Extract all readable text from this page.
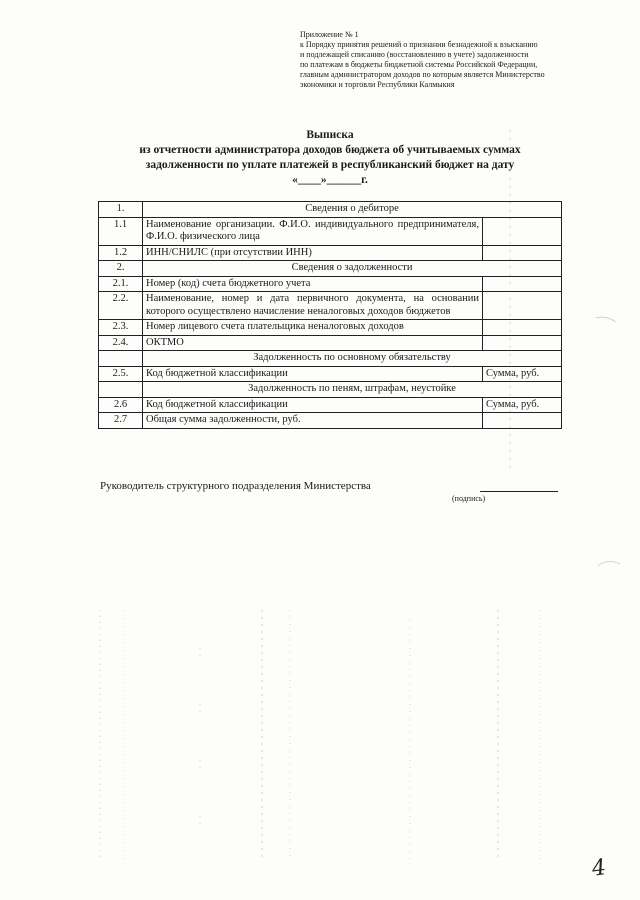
Приложение № 1
к Порядку принятия решений о признании безнадежной к взысканию
и подлежащей списанию (восстановлению в учете) задолженности
по платежам в бюджеты бюджетной системы Российской Федерации,
главным администратором доходов по которым является Министерство
экономики и торговли Республики Калмыкия
Выписка
из отчетности администратора доходов бюджета об учитываемых суммах
задолженности по уплате платежей в республиканский бюджет на дату
«____»______г.
1.	Сведения о дебиторе	
1.1	Наименование организации. Ф.И.О. индивидуального предпринимателя, Ф.И.О. физического лица	
1.2	ИНН/СНИЛС (при отсутствии ИНН)	
2.	Сведения о задолженности	
2.1.	Номер (код) счета бюджетного учета	
2.2.	Наименование, номер и дата первичного документа, на основании которого осуществлено начисление неналоговых доходов бюджетов	
2.3.	Номер лицевого счета плательщика неналоговых доходов	
2.4.	ОКТМО	
	Задолженность по основному обязательству	
2.5.	Код бюджетной классификации	Сумма, руб.
	Задолженность по пеням, штрафам, неустойке	
2.6	Код бюджетной классификации	Сумма, руб.
2.7	Общая сумма задолженности, руб.	
Руководитель структурного подразделения Министерства
(подпись)
4
